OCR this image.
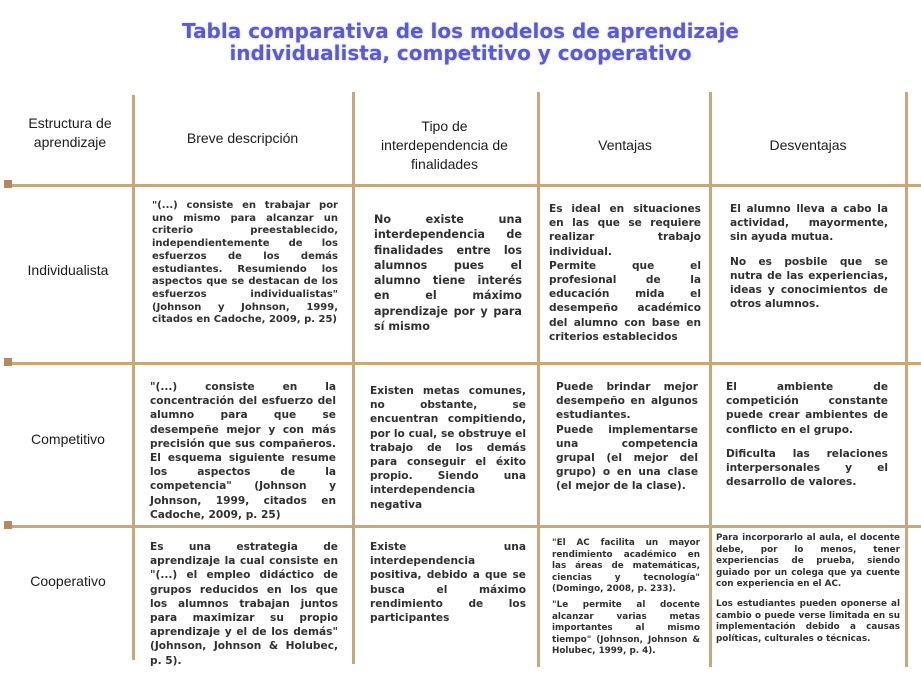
Tabla comparativa de los modelos de aprendizaje
individualista, competitivo y cooperativo
Estructura de aprendizaje	Breve descripción
Tipo de interdependencia de finalidades
Ventajas	Desventajas
Individualista
"(...) consiste en trabajar por uno mismo para alcanzar un criterio preestablecido, independientemente de los esfuerzos de los demás estudiantes. Resumiendo los aspectos que se destacan de los esfuerzos individualistas" (Johnson y Johnson, 1999, citados en Cadoche, 2009, p. 25)
No existe una interdependencia de finalidades entre los alumnos pues el alumno tiene interés en el máximo aprendizaje por y para sí mismo

Es ideal en situaciones en las que se requiere realizar trabajo individual.

Permite que el profesional de la educación mida el desempeño académico del alumno con base en criterios establecidos

El alumno lleva a cabo la actividad, mayormente, sin ayuda mutua.

No es posbile que se nutra de las experiencias, ideas y conocimientos de otros alumnos.

Competitivo
"(...) consiste en la concentración del esfuerzo del alumno para que se desempeñe mejor y con más precisión que sus compañeros. El esquema siguiente resume los aspectos de la competencia" (Johnson y Johnson, 1999, citados en Cadoche, 2009, p. 25)
Existen metas comunes, no obstante, se encuentran compitiendo, por lo cual, se obstruye el trabajo de los demás para conseguir el éxito propio. Siendo una interdependencia negativa

Puede brindar mejor desempeño en algunos estudiantes.

Puede implementarse una competencia grupal (el mejor del grupo) o en una clase (el mejor de la clase).

El ambiente de competición constante puede crear ambientes de conflicto en el grupo.

Dificulta las relaciones interpersonales y el desarrollo de valores.

Cooperativo
Es una estrategia de aprendizaje la cual consiste en "(...) el empleo didáctico de grupos reducidos en los que los alumnos trabajan juntos para maximizar su propio aprendizaje y el de los demás" (Johnson, Johnson & Holubec, p. 5).
Existe una interdependencia positiva, debido a que se busca el máximo rendimiento de los participantes

"El AC facilita un mayor rendimiento académico en las áreas de matemáticas, ciencias y tecnología" (Domingo, 2008, p. 233).

"Le permite al docente alcanzar varias metas importantes al mismo tiempo" (Johnson, Johnson & Holubec, 1999, p. 4).

Para incorporarlo al aula, el docente debe, por lo menos, tener experiencias de prueba, siendo guiado por un colega que ya cuente con experiencia en el AC.

Los estudiantes pueden oponerse al cambio o puede verse limitada en su implementación debido a causas políticas, culturales o técnicas.
